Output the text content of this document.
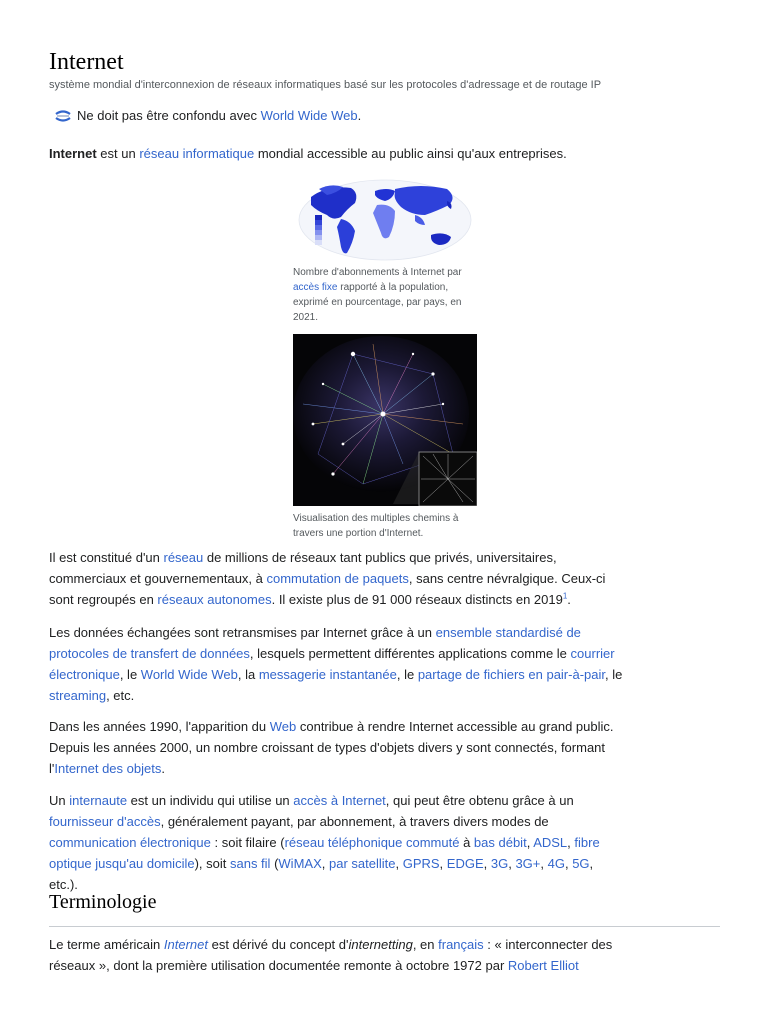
Internet
système mondial d'interconnexion de réseaux informatiques basé sur les protocoles d'adressage et de routage IP
Ne doit pas être confondu avec World Wide Web.
Internet est un réseau informatique mondial accessible au public ainsi qu'aux entreprises.
Nombre d'abonnements à Internet par accès fixe rapporté à la population, exprimé en pourcentage, par pays, en 2021.
Visualisation des multiples chemins à travers une portion d'Internet.
Il est constitué d'un réseau de millions de réseaux tant publics que privés, universitaires, commerciaux et gouvernementaux, à commutation de paquets, sans centre névralgique. Ceux-ci sont regroupés en réseaux autonomes. Il existe plus de 91 000 réseaux distincts en 2019$^1$.
Les données échangées sont retransmises par Internet grâce à un ensemble standardisé de protocoles de transfert de données, lesquels permettent différentes applications comme le courrier électronique, le World Wide Web, la messagerie instantanée, le partage de fichiers en pair-à-pair, le streaming, etc.
Dans les années 1990, l'apparition du Web contribue à rendre Internet accessible au grand public. Depuis les années 2000, un nombre croissant de types d'objets divers y sont connectés, formant l'Internet des objets.
Un internaute est un individu qui utilise un accès à Internet, qui peut être obtenu grâce à un fournisseur d'accès, généralement payant, par abonnement, à travers divers modes de communication électronique : soit filaire (réseau téléphonique commuté à bas débit, ADSL, fibre optique jusqu'au domicile), soit sans fil (WiMAX, par satellite, GPRS, EDGE, 3G, 3G+, 4G, 5G, etc.).
Terminologie
Le terme américain Internet est dérivé du concept d'internetting, en français : « interconnecter des réseaux », dont la première utilisation documentée remonte à octobre 1972 par Robert Elliot
